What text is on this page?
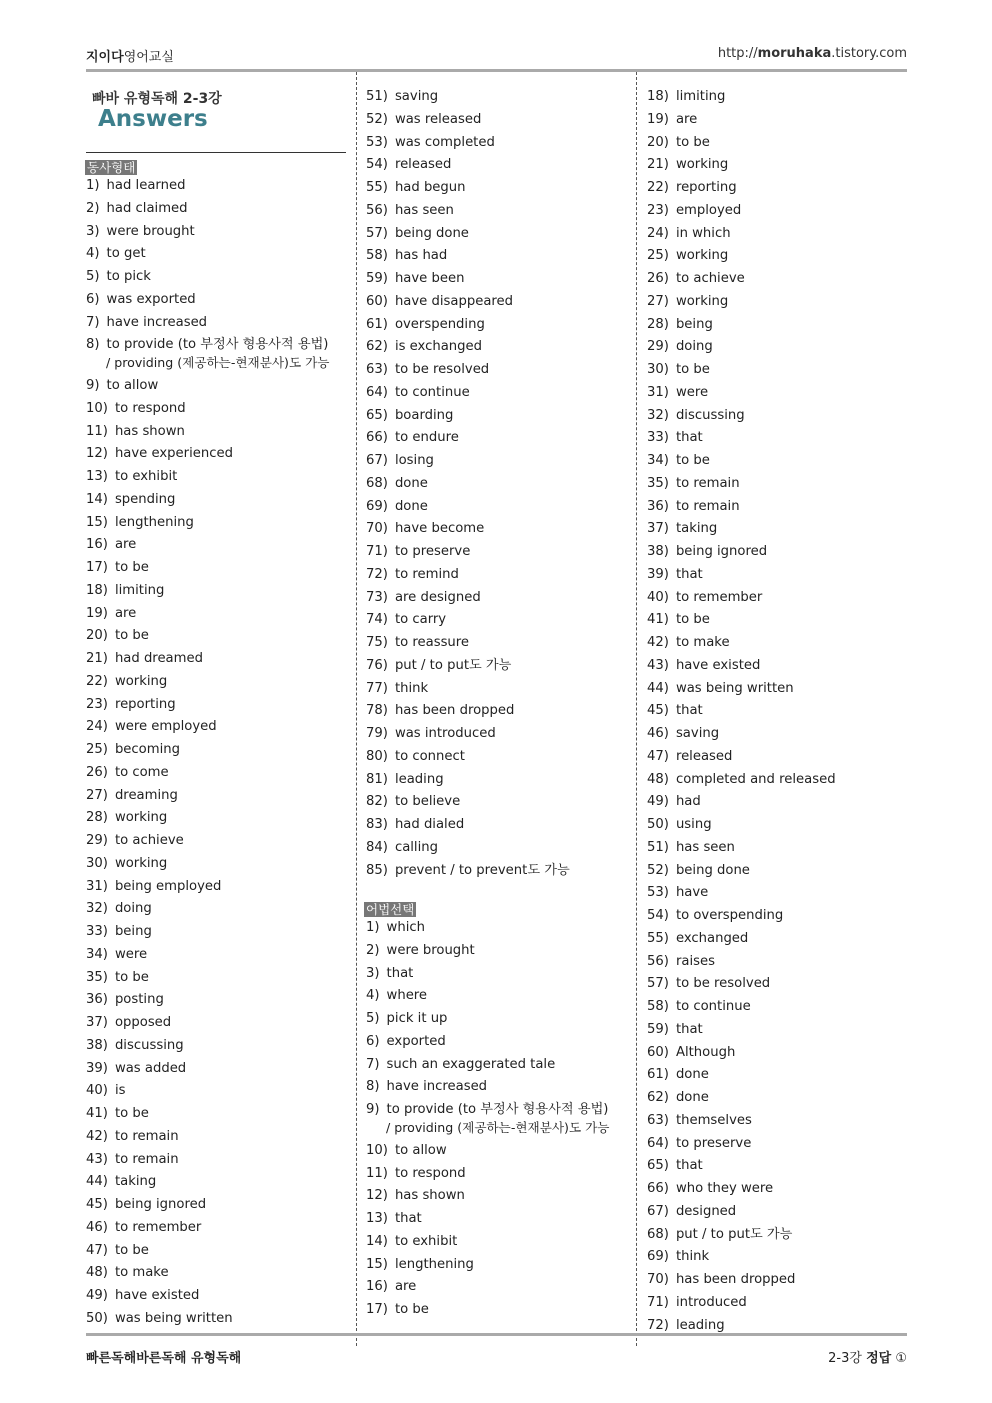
지이다영어교실	http://moruhaka.tistory.com
빠바 유형독해 2-3강
Answers
동사형태
어법선택
1) had learned
2) had claimed
3) were brought
4) to get
5) to pick
6) was exported
7) have increased
8) to provide (to 부정사 형용사적 용법)
/ providing (제공하는-현재분사)도 가능
9) to allow
10) to respond
11) has shown
12) have experienced
13) to exhibit
14) spending
15) lengthening
16) are
17) to be
18) limiting
19) are
20) to be
21) had dreamed
22) working
23) reporting
24) were employed
25) becoming
26) to come
27) dreaming
28) working
29) to achieve
30) working
31) being employed
32) doing
33) being
34) were
35) to be
36) posting
37) opposed
38) discussing
39) was added
40) is
41) to be
42) to remain
43) to remain
44) taking
45) being ignored
46) to remember
47) to be
48) to make
49) have existed
50) was being written
51) saving
52) was released
53) was completed
54) released
55) had begun
56) has seen
57) being done
58) has had
59) have been
60) have disappeared
61) overspending
62) is exchanged
63) to be resolved
64) to continue
65) boarding
66) to endure
67) losing
68) done
69) done
70) have become
71) to preserve
72) to remind
73) are designed
74) to carry
75) to reassure
76) put / to put도 가능
77) think
78) has been dropped
79) was introduced
80) to connect
81) leading
82) to believe
83) had dialed
84) calling
85) prevent / to prevent도 가능
1) which
2) were brought
3) that
4) where
5) pick it up
6) exported
7) such an exaggerated tale
8) have increased
9) to provide (to 부정사 형용사적 용법)
/ providing (제공하는-현재분사)도 가능
10) to allow
11) to respond
12) has shown
13) that
14) to exhibit
15) lengthening
16) are
17) to be
18) limiting
19) are
20) to be
21) working
22) reporting
23) employed
24) in which
25) working
26) to achieve
27) working
28) being
29) doing
30) to be
31) were
32) discussing
33) that
34) to be
35) to remain
36) to remain
37) taking
38) being ignored
39) that
40) to remember
41) to be
42) to make
43) have existed
44) was being written
45) that
46) saving
47) released
48) completed and released
49) had
50) using
51) has seen
52) being done
53) have
54) to overspending
55) exchanged
56) raises
57) to be resolved
58) to continue
59) that
60) Although
61) done
62) done
63) themselves
64) to preserve
65) that
66) who they were
67) designed
68) put / to put도 가능
69) think
70) has been dropped
71) introduced
72) leading
빠른독해바른독해 유형독해	2-3강 정답 ①
